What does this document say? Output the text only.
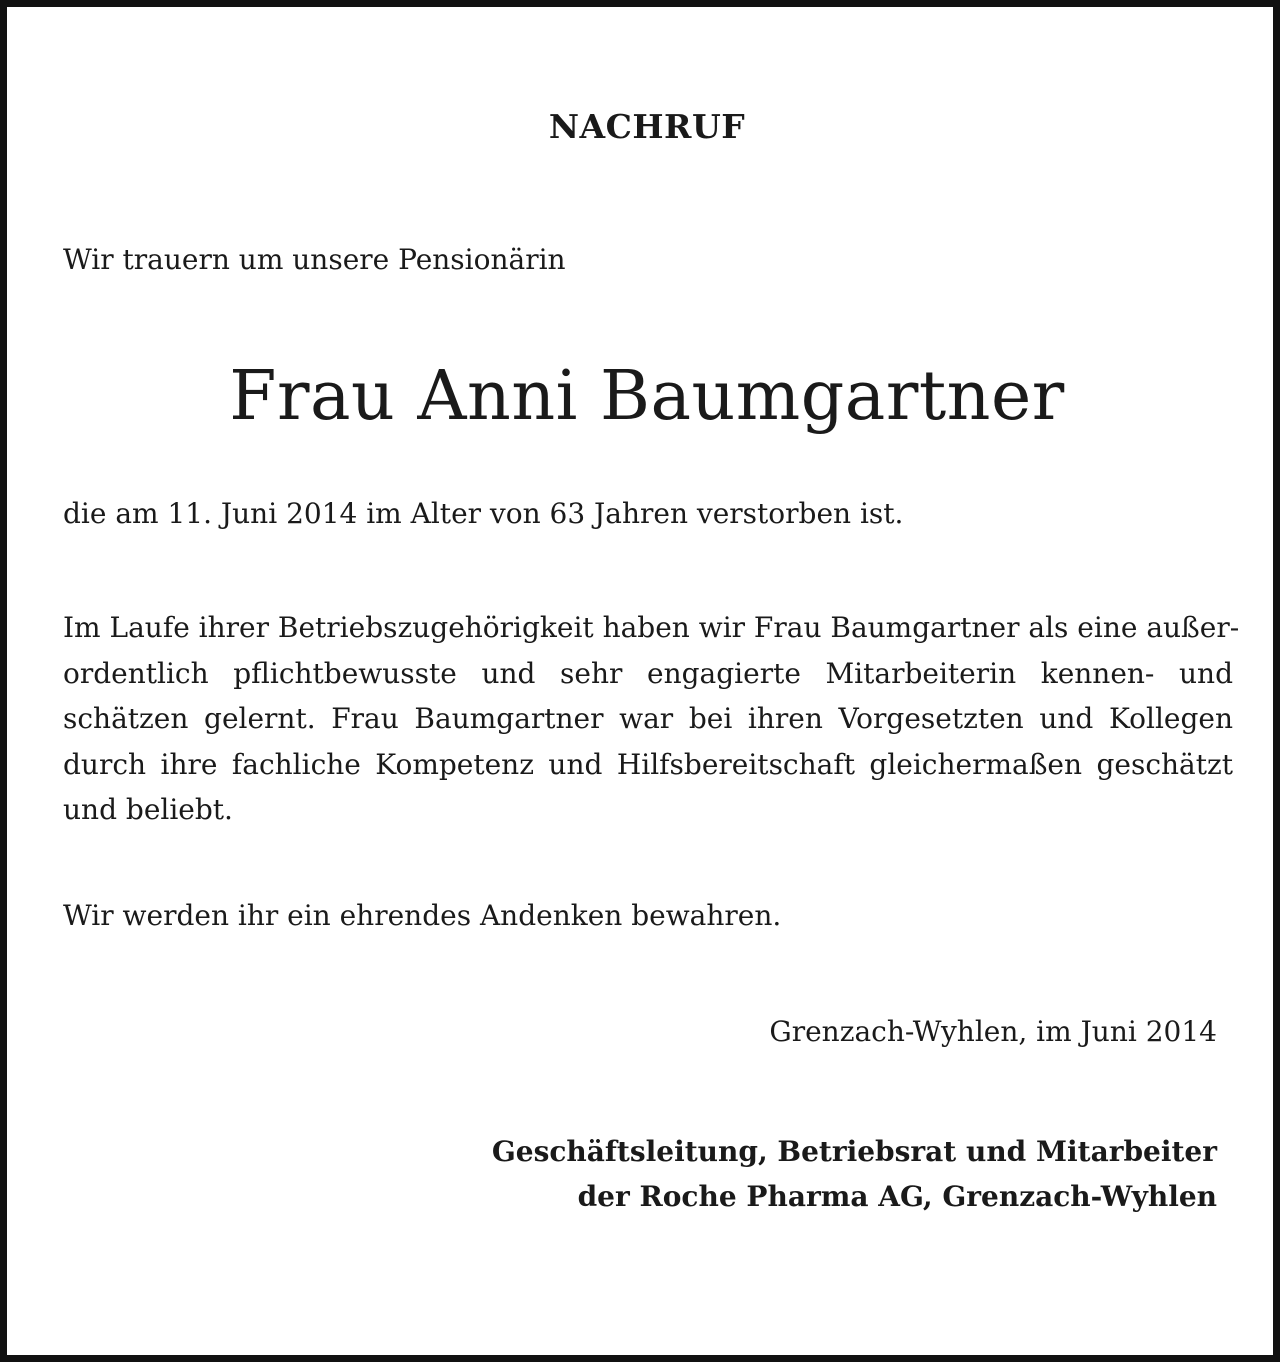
NACHRUF
Wir trauern um unsere Pensionärin
Frau Anni Baumgartner
die am 11. Juni 2014 im Alter von 63 Jahren verstorben ist.
Im Laufe ihrer Betriebszugehörigkeit haben wir Frau Baumgartner als eine außer-
ordentlich pflichtbewusste und sehr engagierte Mitarbeiterin kennen- und
schätzen gelernt. Frau Baumgartner war bei ihren Vorgesetzten und Kollegen
durch ihre fachliche Kompetenz und Hilfsbereitschaft gleichermaßen geschätzt
und beliebt.
Wir werden ihr ein ehrendes Andenken bewahren.
Grenzach-Wyhlen, im Juni 2014
Geschäftsleitung, Betriebsrat und Mitarbeiter
der Roche Pharma AG, Grenzach-Wyhlen
